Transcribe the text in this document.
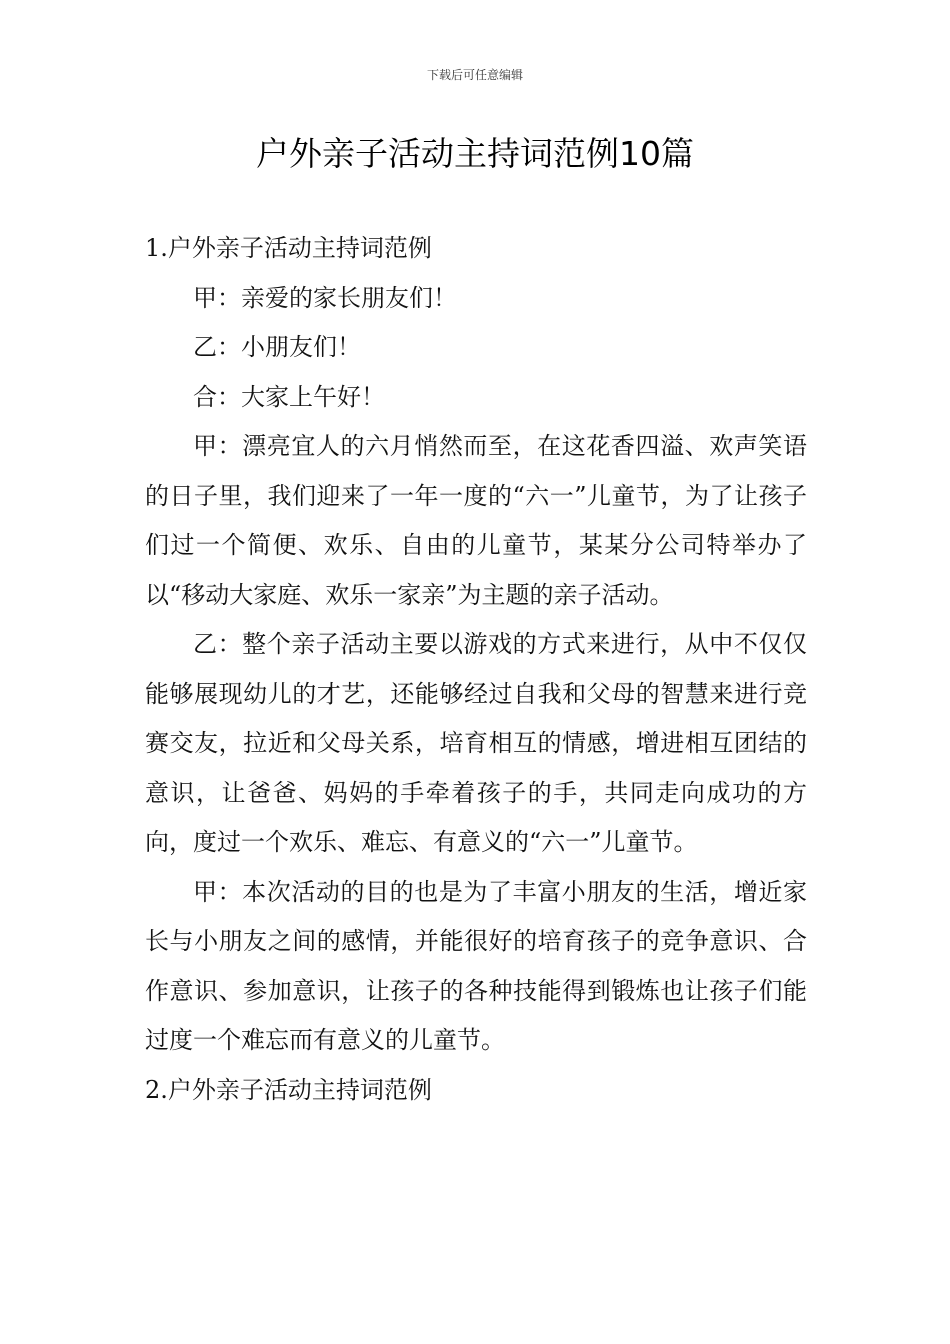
下载后可任意编辑
户外亲子活动主持词范例10篇
1.户外亲子活动主持词范例

甲：亲爱的家长朋友们！

乙：小朋友们！

合：大家上午好！

甲：漂亮宜人的六月悄然而至，在这花香四溢、欢声笑语的日子里，我们迎来了一年一度的“六一”儿童节，为了让孩子们过一个简便、欢乐、自由的儿童节，某某分公司特举办了以“移动大家庭、欢乐一家亲”为主题的亲子活动。

乙：整个亲子活动主要以游戏的方式来进行，从中不仅仅能够展现幼儿的才艺，还能够经过自我和父母的智慧来进行竞赛交友，拉近和父母关系，培育相互的情感，增进相互团结的意识，让爸爸、妈妈的手牵着孩子的手，共同走向成功的方向，度过一个欢乐、难忘、有意义的“六一”儿童节。

甲：本次活动的目的也是为了丰富小朋友的生活，增近家长与小朋友之间的感情，并能很好的培育孩子的竞争意识、合作意识、参加意识，让孩子的各种技能得到锻炼也让孩子们能过度一个难忘而有意义的儿童节。

2.户外亲子活动主持词范例
